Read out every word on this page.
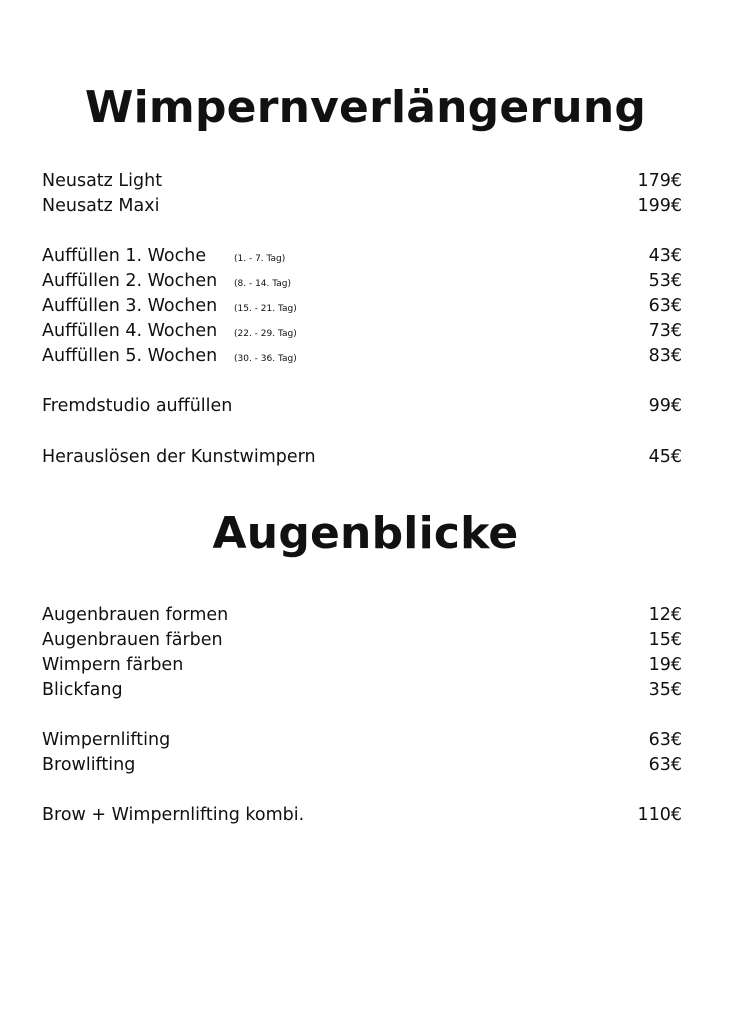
Wimpernverlängerung
Neusatz Light	179€
Neusatz Maxi	199€
Auffüllen 1. Woche	(1. - 7. Tag)	43€
Auffüllen 2. Wochen (8. - 14. Tag)	53€
Auffüllen 3. Wochen (15. - 21. Tag)	63€
Auffüllen 4. Wochen (22. - 29. Tag)	73€
Auffüllen 5. Wochen (30. - 36. Tag)	83€
Fremdstudio auffüllen	99€
Herauslösen der Kunstwimpern	45€
Augenblicke
Augenbrauen formen	12€
Augenbrauen färben	15€
Wimpern färben	19€
Blickfang	35€
Wimpernlifting	63€
Browlifting	63€
Brow + Wimpernlifting kombi.	110€
